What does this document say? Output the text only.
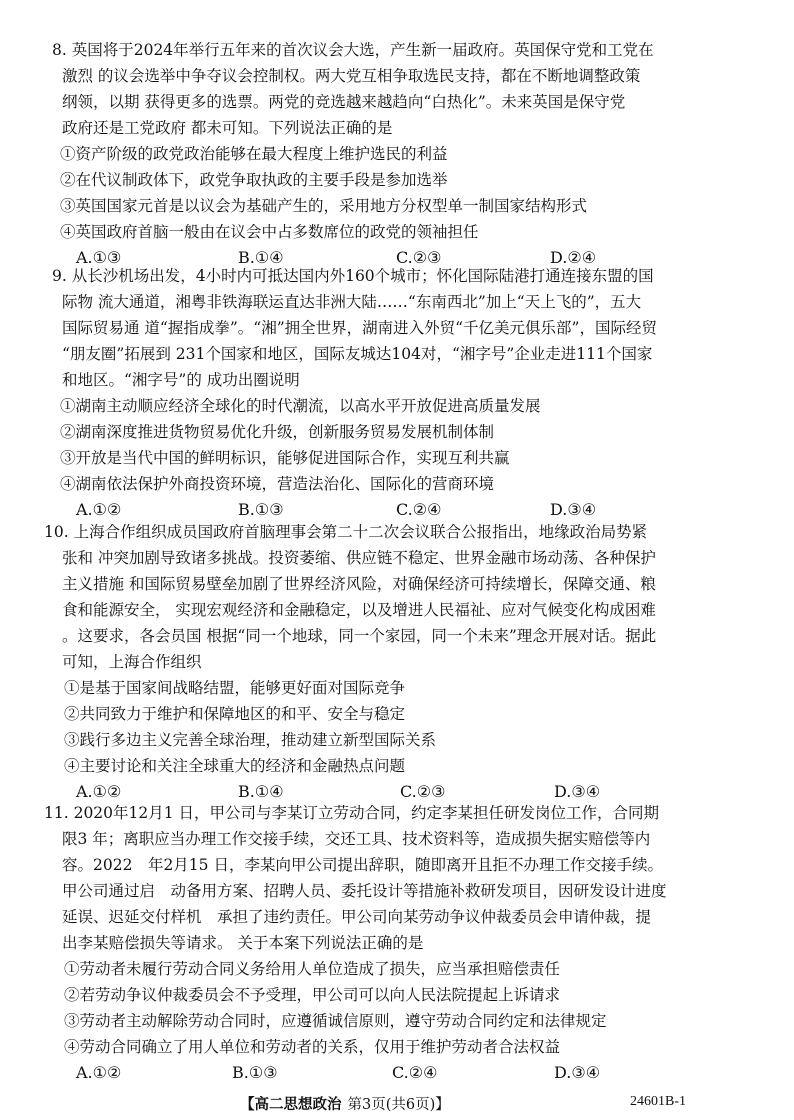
8. 英国将于2024年举行五年来的首次议会大选，产生新一届政府。英国保守党和工党在
激烈 的议会选举中争夺议会控制权。两大党互相争取选民支持，都在不断地调整政策
纲领，以期 获得更多的选票。两党的竞选越来越趋向“白热化”。未来英国是保守党
政府还是工党政府 都未可知。下列说法正确的是
①资产阶级的政党政治能够在最大程度上维护选民的利益
②在代议制政体下，政党争取执政的主要手段是参加选举
③英国国家元首是以议会为基础产生的，采用地方分权型单一制国家结构形式
④英国政府首脑一般由在议会中占多数席位的政党的领袖担任
A.①③	B.①④	C.②③	D.②④
9. 从长沙机场出发，4小时内可抵达国内外160个城市；怀化国际陆港打通连接东盟的国
际物 流大通道，湘粤非铁海联运直达非洲大陆……“东南西北”加上“天上飞的”，五大
国际贸易通 道“握指成拳”。“湘”拥全世界，湖南进入外贸“千亿美元俱乐部”，国际经贸
“朋友圈”拓展到 231个国家和地区，国际友城达104对，“湘字号”企业走进111个国家
和地区。“湘字号”的 成功出圈说明
①湖南主动顺应经济全球化的时代潮流，以高水平开放促进高质量发展
②湖南深度推进货物贸易优化升级，创新服务贸易发展机制体制
③开放是当代中国的鲜明标识，能够促进国际合作，实现互利共赢
④湖南依法保护外商投资环境，营造法治化、国际化的营商环境
A.①②	B.①③	C.②④	D.③④
10. 上海合作组织成员国政府首脑理事会第二十二次会议联合公报指出，地缘政治局势紧
张和 冲突加剧导致诸多挑战。投资萎缩、供应链不稳定、世界金融市场动荡、各种保护
主义措施 和国际贸易壁垒加剧了世界经济风险，对确保经济可持续增长，保障交通、粮
食和能源安全， 实现宏观经济和金融稳定，以及增进人民福祉、应对气候变化构成困难
。这要求，各会员国 根据“同一个地球，同一个家园，同一个未来”理念开展对话。据此
可知，上海合作组织
①是基于国家间战略结盟，能够更好面对国际竞争
②共同致力于维护和保障地区的和平、安全与稳定
③践行多边主义完善全球治理，推动建立新型国际关系
④主要讨论和关注全球重大的经济和金融热点问题
A.①②	B.①④	C.②③	D.③④
11. 2020年12月1 日，甲公司与李某订立劳动合同，约定李某担任研发岗位工作，合同期
限3 年；离职应当办理工作交接手续，交还工具、技术资料等，造成损失据实赔偿等内
容。2022　年2月15 日，李某向甲公司提出辞职，随即离开且拒不办理工作交接手续。
甲公司通过启　动备用方案、招聘人员、委托设计等措施补救研发项目，因研发设计进度
延误、迟延交付样机　承担了违约责任。甲公司向某劳动争议仲裁委员会申请仲裁，提
出李某赔偿损失等请求。 关于本案下列说法正确的是
①劳动者未履行劳动合同义务给用人单位造成了损失，应当承担赔偿责任
②若劳动争议仲裁委员会不予受理，甲公司可以向人民法院提起上诉请求
③劳动者主动解除劳动合同时，应遵循诚信原则，遵守劳动合同约定和法律规定
④劳动合同确立了用人单位和劳动者的关系，仅用于维护劳动者合法权益
A.①②	B.①③	C.②④	D.③④
【高二思想政治 第3页(共6页)】	24601B-1
